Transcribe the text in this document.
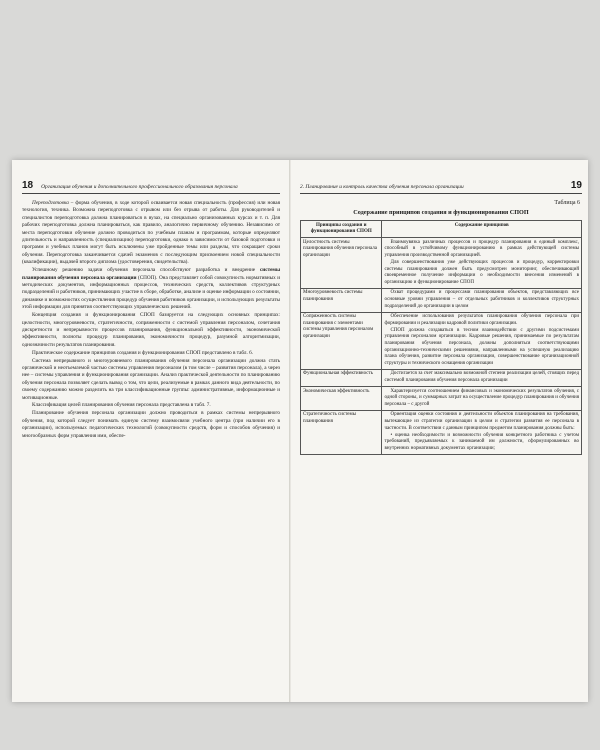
18 Организация обучения и дополнительного профессионального образования персонала

Переподготовка – форма обучения, в ходе которой осваивается новая специальность (профессия) или новая технология, техника. Возможна переподготовка с отрывом или без отрыва от работы. Для руководителей и специалистов переподготовка должна планироваться в вузах, на специально организованных курсах и т. п. Для рабочих переподготовка должна планироваться, как правило, аналогично первичному обучению. Независимо от места переподготовки обучение должно проводиться по учебным планам и программам, которые определяют длительность и направленность (специализацию) переподготовки, однако в зависимости от базовой подготовки и программ и учебных планов могут быть исключены уже пройденные темы или разделы, что сокращает сроки обучения. Переподготовка заканчивается сдачей экзаменов с последующим присвоением новой специальности (квалификации), выдачей второго диплома (удостоверения, свидетельства).

Успешному решению задачи обучения персонала способствуют разработка и внедрение системы планирования обучения персонала организации (СПОП). Она представляет собой совокупность нормативных и методических документов, информационных процессов, технических средств, коллективов структурных подразделений и работников, принимающих участие в сборе, обработке, анализе и оценке информации о состоянии, динамике и возможностях осуществления процедур обучения работников организации, и использующих результаты этой информации для принятия соответствующих управленческих решений.

Концепция создания и функционирования СПОП базируется на следующих основных принципах: целостности, многоуровневости, стратегичности, сопряженности с системой управления персоналом, сочетания дискретности и непрерывности процессов планирования, функциональной эффективности, экономической эффективности, полноты процедур планирования, экономичности процедур, разумной алгоритмизации, однозначности результатов планирования.

Практическое содержание принципов создания и функционирования СПОП представлено в табл. 6.

Система непрерывного и многоуровневого планирования обучения персонала организации должна стать органической и неотъемлемой частью системы управления персоналом (в том числе – развития персонала), а через нее – системы управления и функционирования организации. Анализ практической деятельности по планированию обучения персонала позволяет сделать вывод о том, что цели, реализуемые в рамках данного вида деятельности, по своему содержанию можно разделить на три классификационные группы: административные, информационные и мотивационные.

Классификация целей планирования обучения персонала представлена в табл. 7.

Планирование обучения персонала организации должно проводиться в рамках системы непрерывного обучения, под которой следует понимать единую систему взаимосвязи учебного центра (при наличии его в организации), используемых педагогических технологий (совокупности средств, форм и способов обучения) и многообразных форм управления ими, обеспе-

2. Планирование и контроль качества обучения персонала организации	19
Таблица 6
Содержание принципов создания и функционирования СПОП
Принципы создания и функционирования СПОП	Содержание принципов
Целостность системы планирования обучения персонала организации	Взаимоувязка различных процессов и процедур планирования в единый комплекс, способный в устойчивому функционированию в рамках действующей системы управления производственной организацией.

Для совершенствования уже действующих процессов и процедур, корректировки системы планирования должен быть предусмотрен мониторинг, обеспечивающий своевременное получение информации о необходимости внесения изменений в организацию и функционирование СПОП

Многоуровневость системы планирования	Охват процедурами и процессами планирования объектов, представляющих все основные уровни управления – от отдельных работников и коллективов структурных подразделений до организации в целом

Сопряженность системы планирования с элементами системы управления персоналом организации	Обеспечение использования результатов планирования обучения персонала при формировании и реализации кадровой политики организации.

СПОП должна создаваться в тесном взаимодействии с другими подсистемами управления персоналом организации. Кадровые решения, принимаемые по результатам планирования обучения персонала, должны дополняться соответствующими организационно-техническими решениями, направленными на успешную реализацию плана обучения, развитие персонала организации, совершенствование организационной структуры и технического оснащения организации

Функциональная эффективность	Достигается за счет максимально возможной степени реализации целей, стоящих перед системой планирования обучения персонала организации

Экономическая эффективность	Характеризуется соотношением финансовых и экономических результатов обучения, с одной стороны, и суммарных затрат на осуществление процедур планирования и обучения персонала – с другой

Стратегичность системы планирования	Ориентация оценки состояния и деятельности объектов планирования на требования, вытекающие из стратегии организации в целом и стратегии развития ее персонала в частности. В соответствии с данным принципом предметом планирования должны быть:

• оценка необходимости и возможности обучения конкретного работника с учетом требований, предъявляемых к занимаемой им должности, сформулированных во внутренних нормативных документах организации;
